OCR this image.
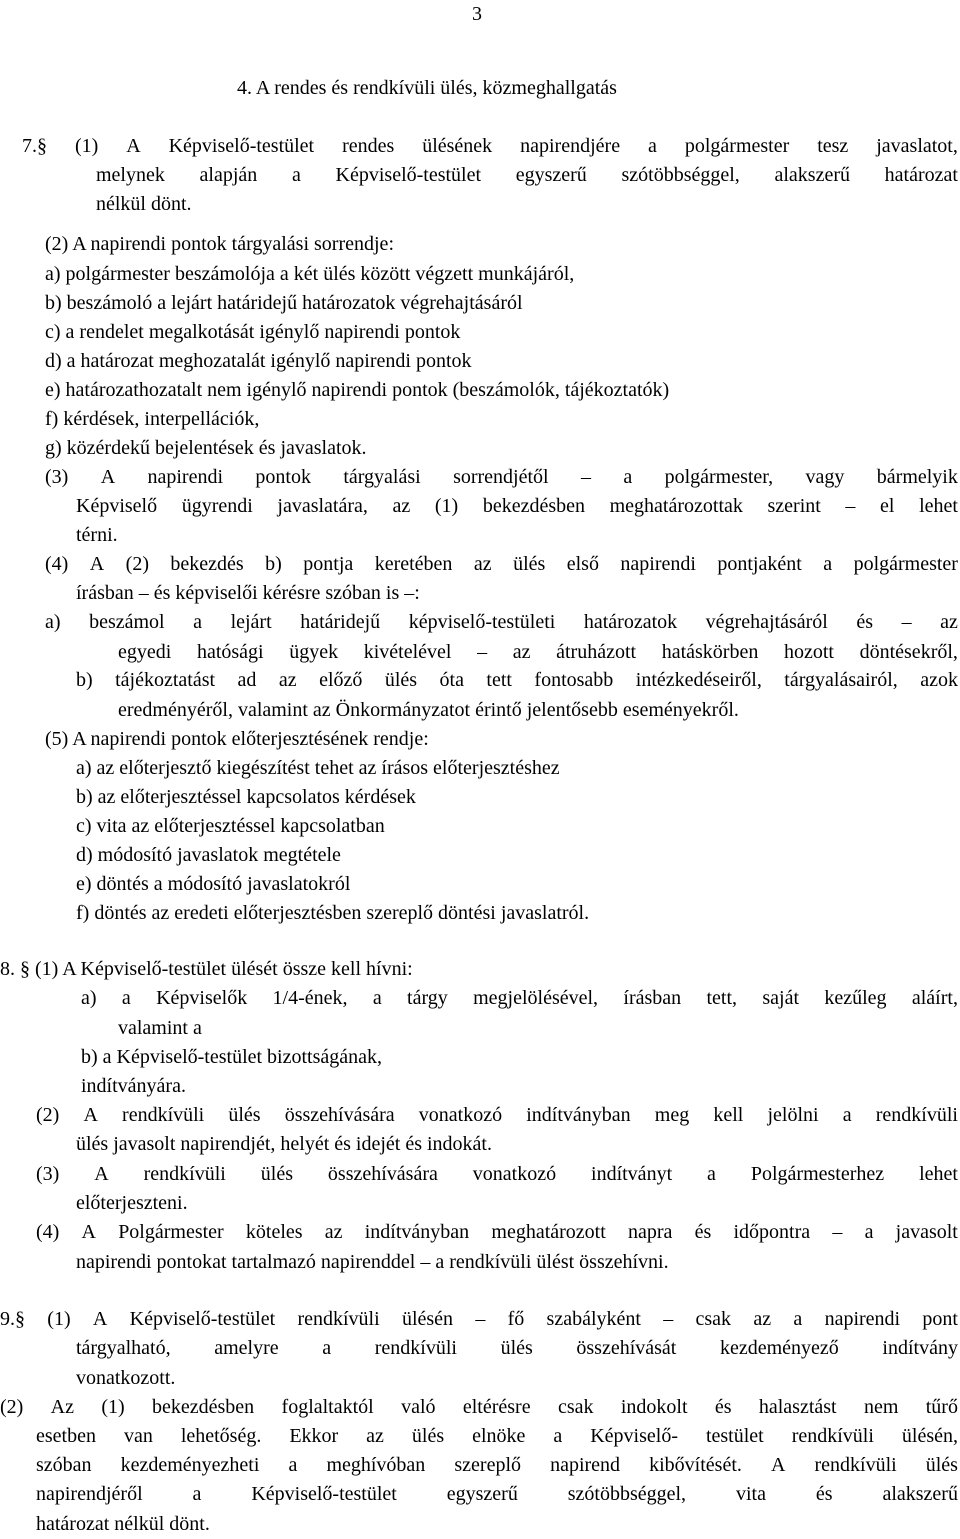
3
4. A rendes és rendkívüli ülés, közmeghallgatás
7.§ (1) A Képviselő-testület rendes ülésének napirendjére a polgármester tesz javaslatot,
melynek alapján a Képviselő-testület egyszerű szótöbbséggel, alakszerű határozat
nélkül dönt.
(2) A napirendi pontok tárgyalási sorrendje:
a) polgármester beszámolója a két ülés között végzett munkájáról,
b) beszámoló a lejárt határidejű határozatok végrehajtásáról
c) a rendelet megalkotását igénylő napirendi pontok
d) a határozat meghozatalát igénylő napirendi pontok
e) határozathozatalt nem igénylő napirendi pontok (beszámolók, tájékoztatók)
f) kérdések, interpellációk,
g) közérdekű bejelentések és javaslatok.
(3) A napirendi pontok tárgyalási sorrendjétől – a polgármester, vagy bármelyik
Képviselő ügyrendi javaslatára, az (1) bekezdésben meghatározottak szerint – el lehet
térni.
(4) A (2) bekezdés b) pontja keretében az ülés első napirendi pontjaként a polgármester
írásban – és képviselői kérésre szóban is –:
a) beszámol a lejárt határidejű képviselő-testületi határozatok végrehajtásáról és – az
egyedi hatósági ügyek kivételével – az átruházott hatáskörben hozott döntésekről,
b) tájékoztatást ad az előző ülés óta tett fontosabb intézkedéseiről, tárgyalásairól, azok
eredményéről, valamint az Önkormányzatot érintő jelentősebb eseményekről.
(5) A napirendi pontok előterjesztésének rendje:
a) az előterjesztő kiegészítést tehet az írásos előterjesztéshez
b) az előterjesztéssel kapcsolatos kérdések
c) vita az előterjesztéssel kapcsolatban
d) módosító javaslatok megtétele
e) döntés a módosító javaslatokról
f) döntés az eredeti előterjesztésben szereplő döntési javaslatról.
8. § (1) A Képviselő-testület ülését össze kell hívni:
a) a Képviselők 1/4-ének, a tárgy megjelölésével, írásban tett, saját kezűleg aláírt,
valamint a
b) a Képviselő-testület bizottságának,
indítványára.
(2) A rendkívüli ülés összehívására vonatkozó indítványban meg kell jelölni a rendkívüli
ülés javasolt napirendjét, helyét és idejét és indokát.
(3) A rendkívüli ülés összehívására vonatkozó indítványt a Polgármesterhez lehet
előterjeszteni.
(4) A Polgármester köteles az indítványban meghatározott napra és időpontra – a javasolt
napirendi pontokat tartalmazó napirenddel – a rendkívüli ülést összehívni.
9.§ (1) A Képviselő-testület rendkívüli ülésén – fő szabályként – csak az a napirendi pont
tárgyalható, amelyre a rendkívüli ülés összehívását kezdeményező indítvány
vonatkozott.
(2) Az (1) bekezdésben foglaltaktól való eltérésre csak indokolt és halasztást nem tűrő
esetben van lehetőség. Ekkor az ülés elnöke a Képviselő- testület rendkívüli ülésén,
szóban kezdeményezheti a meghívóban szereplő napirend kibővítését. A rendkívüli ülés
napirendjéről a Képviselő-testület egyszerű szótöbbséggel, vita és alakszerű
határozat nélkül dönt.
